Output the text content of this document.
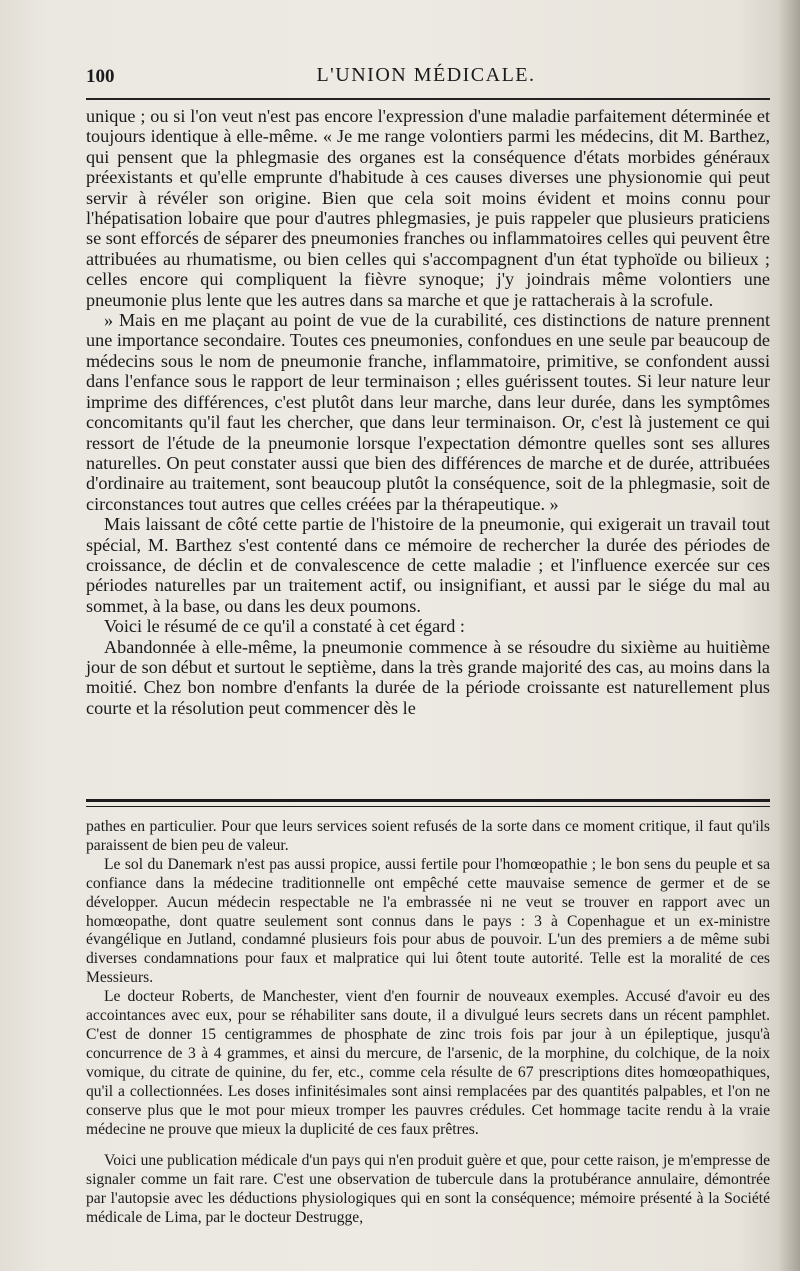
100	L'UNION MÉDICALE.

unique ; ou si l'on veut n'est pas encore l'expression d'une maladie parfaitement déterminée et toujours identique à elle-même. « Je me range volontiers parmi les médecins, dit M. Barthez, qui pensent que la phlegmasie des organes est la conséquence d'états morbides généraux préexistants et qu'elle emprunte d'habitude à ces causes diverses une physionomie qui peut servir à révéler son origine. Bien que cela soit moins évident et moins connu pour l'hépatisation lobaire que pour d'autres phlegmasies, je puis rappeler que plusieurs praticiens se sont efforcés de séparer des pneumonies franches ou inflammatoires celles qui peuvent être attribuées au rhumatisme, ou bien celles qui s'accompagnent d'un état typhoïde ou bilieux ; celles encore qui compliquent la fièvre synoque; j'y joindrais même volontiers une pneumonie plus lente que les autres dans sa marche et que je rattacherais à la scrofule.

» Mais en me plaçant au point de vue de la curabilité, ces distinctions de nature prennent une importance secondaire. Toutes ces pneumonies, confondues en une seule par beaucoup de médecins sous le nom de pneumonie franche, inflammatoire, primitive, se confondent aussi dans l'enfance sous le rapport de leur terminaison ; elles guérissent toutes. Si leur nature leur imprime des différences, c'est plutôt dans leur marche, dans leur durée, dans les symptômes concomitants qu'il faut les chercher, que dans leur terminaison. Or, c'est là justement ce qui ressort de l'étude de la pneumonie lorsque l'expectation démontre quelles sont ses allures naturelles. On peut constater aussi que bien des différences de marche et de durée, attribuées d'ordinaire au traitement, sont beaucoup plutôt la conséquence, soit de la phlegmasie, soit de circonstances tout autres que celles créées par la thérapeutique. »

Mais laissant de côté cette partie de l'histoire de la pneumonie, qui exigerait un travail tout spécial, M. Barthez s'est contenté dans ce mémoire de rechercher la durée des périodes de croissance, de déclin et de convalescence de cette maladie ; et l'influence exercée sur ces périodes naturelles par un traitement actif, ou insignifiant, et aussi par le siége du mal au sommet, à la base, ou dans les deux poumons.

Voici le résumé de ce qu'il a constaté à cet égard :

Abandonnée à elle-même, la pneumonie commence à se résoudre du sixième au huitième jour de son début et surtout le septième, dans la très grande majorité des cas, au moins dans la moitié. Chez bon nombre d'enfants la durée de la période croissante est naturellement plus courte et la résolution peut commencer dès le

pathes en particulier. Pour que leurs services soient refusés de la sorte dans ce moment critique, il faut qu'ils paraissent de bien peu de valeur.

Le sol du Danemark n'est pas aussi propice, aussi fertile pour l'homœopathie ; le bon sens du peuple et sa confiance dans la médecine traditionnelle ont empêché cette mauvaise semence de germer et de se développer. Aucun médecin respectable ne l'a embrassée ni ne veut se trouver en rapport avec un homœopathe, dont quatre seulement sont connus dans le pays : 3 à Copenhague et un ex-ministre évangélique en Jutland, condamné plusieurs fois pour abus de pouvoir. L'un des premiers a de même subi diverses condamnations pour faux et malpratice qui lui ôtent toute autorité. Telle est la moralité de ces Messieurs.

Le docteur Roberts, de Manchester, vient d'en fournir de nouveaux exemples. Accusé d'avoir eu des accointances avec eux, pour se réhabiliter sans doute, il a divulgué leurs secrets dans un récent pamphlet. C'est de donner 15 centigrammes de phosphate de zinc trois fois par jour à un épileptique, jusqu'à concurrence de 3 à 4 grammes, et ainsi du mercure, de l'arsenic, de la morphine, du colchique, de la noix vomique, du citrate de quinine, du fer, etc., comme cela résulte de 67 prescriptions dites homœopathiques, qu'il a collectionnées. Les doses infinitésimales sont ainsi remplacées par des quantités palpables, et l'on ne conserve plus que le mot pour mieux tromper les pauvres crédules. Cet hommage tacite rendu à la vraie médecine ne prouve que mieux la duplicité de ces faux prêtres.

Voici une publication médicale d'un pays qui n'en produit guère et que, pour cette raison, je m'empresse de signaler comme un fait rare. C'est une observation de tubercule dans la protubérance annulaire, démontrée par l'autopsie avec les déductions physiologiques qui en sont la conséquence; mémoire présenté à la Société médicale de Lima, par le docteur Destrugge,
